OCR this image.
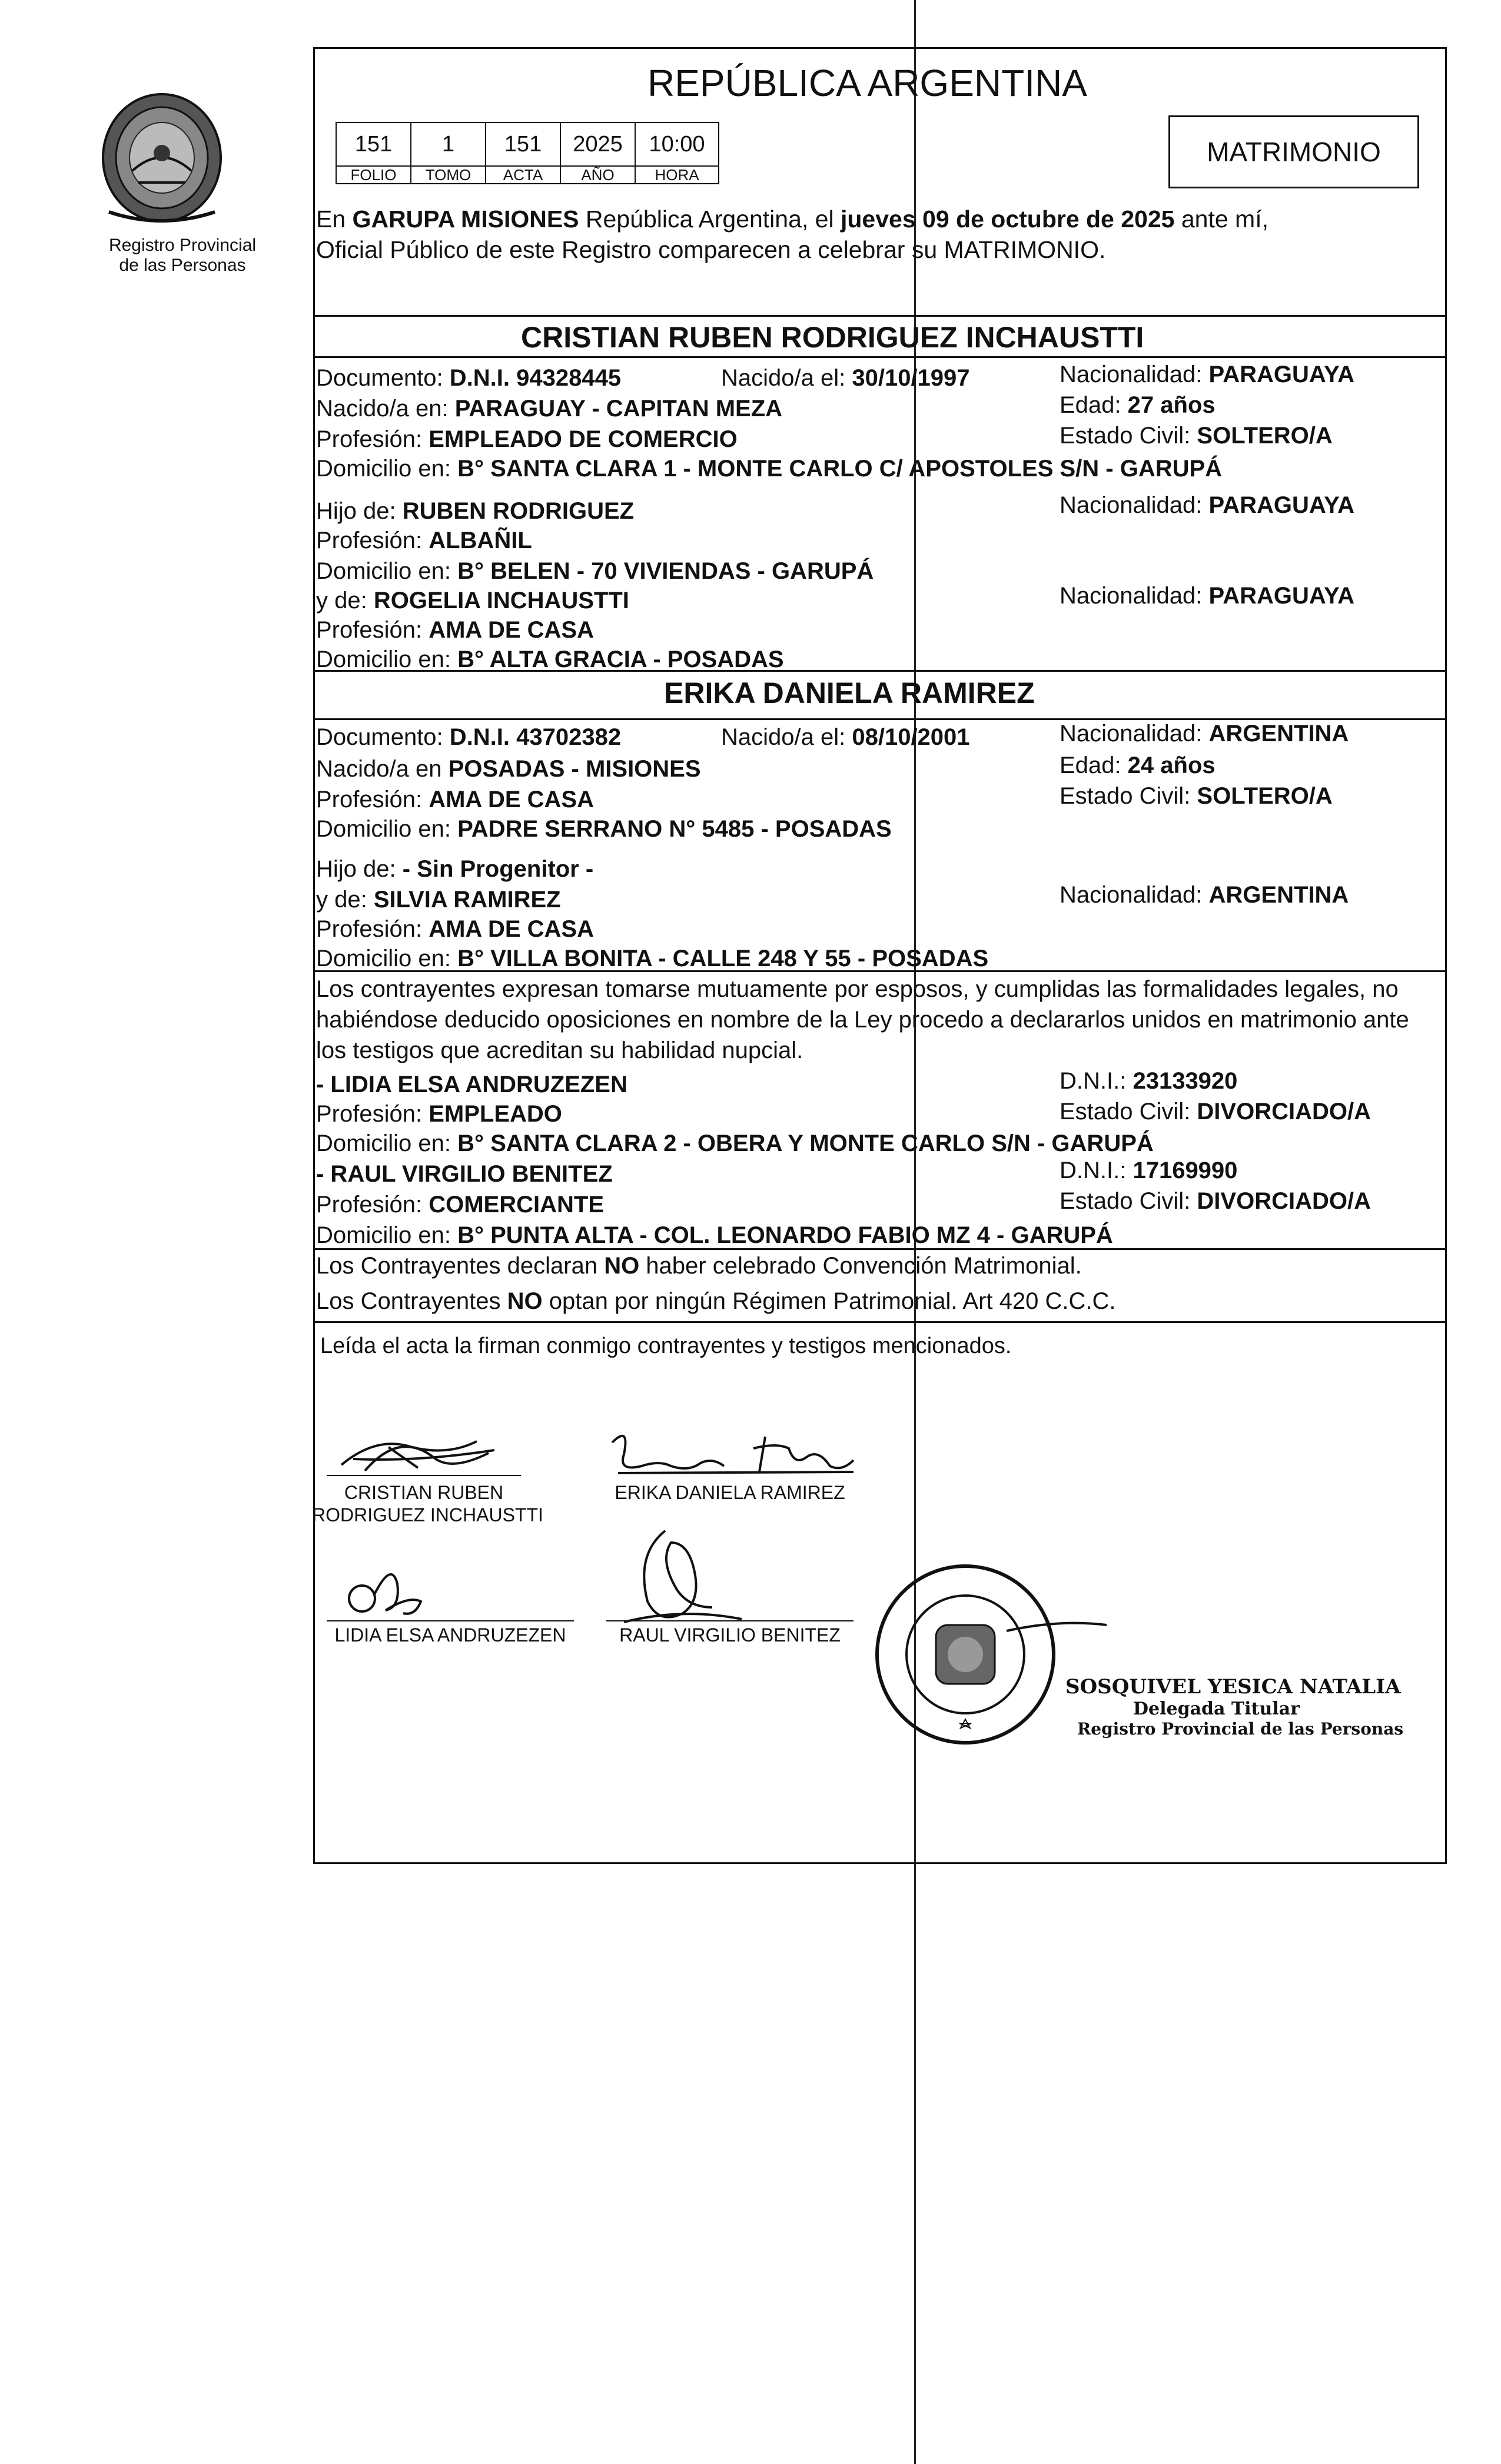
Registro Provincial
de las Personas
REPÚBLICA ARGENTINA
151	1	151	2025	10:00
FOLIO	TOMO	ACTA	AÑO	HORA
MATRIMONIO
En GARUPA MISIONES República Argentina, el jueves 09 de octubre de 2025 ante mí,
Oficial Público de este Registro comparecen a celebrar su MATRIMONIO.
CRISTIAN RUBEN RODRIGUEZ INCHAUSTTI
Documento: D.N.I. 94328445	Nacido/a el: 30/10/1997	Nacionalidad: PARAGUAYA
Nacido/a en: PARAGUAY - CAPITAN MEZA	Edad: 27 años
Profesión: EMPLEADO DE COMERCIO	Estado Civil: SOLTERO/A
Domicilio en: B° SANTA CLARA 1 - MONTE CARLO C/ APOSTOLES S/N - GARUPÁ
Hijo de: RUBEN RODRIGUEZ	Nacionalidad: PARAGUAYA
Profesión: ALBAÑIL
Domicilio en: B° BELEN - 70 VIVIENDAS - GARUPÁ
y de: ROGELIA INCHAUSTTI	Nacionalidad: PARAGUAYA
Profesión: AMA DE CASA
Domicilio en: B° ALTA GRACIA - POSADAS
ERIKA DANIELA RAMIREZ
Documento: D.N.I. 43702382	Nacido/a el: 08/10/2001	Nacionalidad: ARGENTINA
Nacido/a en POSADAS - MISIONES	Edad: 24 años
Profesión: AMA DE CASA	Estado Civil: SOLTERO/A
Domicilio en: PADRE SERRANO N° 5485 - POSADAS
Hijo de: - Sin Progenitor -
y de: SILVIA RAMIREZ	Nacionalidad: ARGENTINA
Profesión: AMA DE CASA
Domicilio en: B° VILLA BONITA - CALLE 248 Y 55 - POSADAS
Los contrayentes expresan tomarse mutuamente por esposos, y cumplidas las formalidades legales, no
habiéndose deducido oposiciones en nombre de la Ley procedo a declararlos unidos en matrimonio ante
los testigos que acreditan su habilidad nupcial.
- LIDIA ELSA ANDRUZEZEN	D.N.I.: 23133920
Profesión: EMPLEADO	Estado Civil: DIVORCIADO/A
Domicilio en: B° SANTA CLARA 2 - OBERA Y MONTE CARLO S/N - GARUPÁ
- RAUL VIRGILIO BENITEZ	D.N.I.: 17169990
Profesión: COMERCIANTE	Estado Civil: DIVORCIADO/A
Domicilio en: B° PUNTA ALTA - COL. LEONARDO FABIO MZ 4 - GARUPÁ
Los Contrayentes declaran NO haber celebrado Convención Matrimonial.
Los Contrayentes NO optan por ningún Régimen Patrimonial. Art 420 C.C.C.
Leída el acta la firman conmigo contrayentes y testigos mencionados.
CRISTIAN RUBEN
RODRIGUEZ INCHAUSTTI
ERIKA DANIELA RAMIREZ
LIDIA ELSA ANDRUZEZEN	RAUL VIRGILIO BENITEZ
SOSQUIVEL YESICA NATALIA
Delegada Titular
Registro Provincial de las Personas
